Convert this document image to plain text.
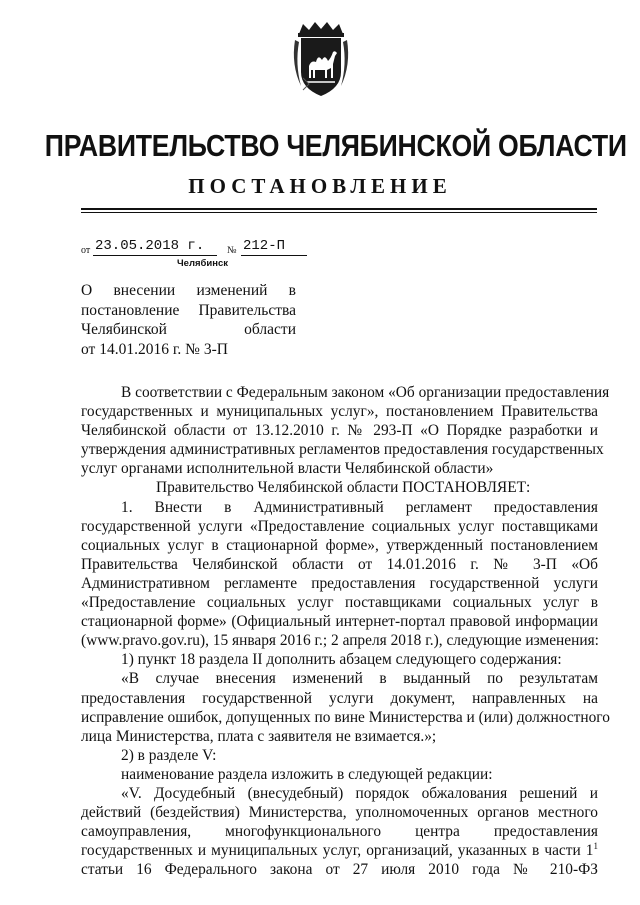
ПРАВИТЕЛЬСТВО ЧЕЛЯБИНСКОЙ ОБЛАСТИ
ПОСТАНОВЛЕНИЕ
от 23.05.2018 г.	№ 212-П
Челябинск
О внесении изменений в
постановление Правительства
Челябинской области
от 14.01.2016 г. № 3-П
В соответствии с Федеральным законом «Об организации предоставления
государственных и муниципальных услуг», постановлением Правительства
Челябинской области от 13.12.2010 г. № 293-П «О Порядке разработки и
утверждения административных регламентов предоставления государственных
услуг органами исполнительной власти Челябинской области»
Правительство Челябинской области ПОСТАНОВЛЯЕТ:
1. Внести в Административный регламент предоставления
государственной услуги «Предоставление социальных услуг поставщиками
социальных услуг в стационарной форме», утвержденный постановлением
Правительства Челябинской области от 14.01.2016 г. № 3-П «Об
Административном регламенте предоставления государственной услуги
«Предоставление социальных услуг поставщиками социальных услуг в
стационарной форме» (Официальный интернет-портал правовой информации
(www.pravo.gov.ru), 15 января 2016 г.; 2 апреля 2018 г.), следующие изменения:
1) пункт 18 раздела II дополнить абзацем следующего содержания:
«В случае внесения изменений в выданный по результатам
предоставления государственной услуги документ, направленных на
исправление ошибок, допущенных по вине Министерства и (или) должностного
лица Министерства, плата с заявителя не взимается.»;
2) в разделе V:
наименование раздела изложить в следующей редакции:
«V. Досудебный (внесудебный) порядок обжалования решений и
действий (бездействия) Министерства, уполномоченных органов местного
самоуправления, многофункционального центра предоставления
государственных и муниципальных услуг, организаций, указанных в части $1^1$
статьи 16 Федерального закона от 27 июля 2010 года № 210-ФЗ
